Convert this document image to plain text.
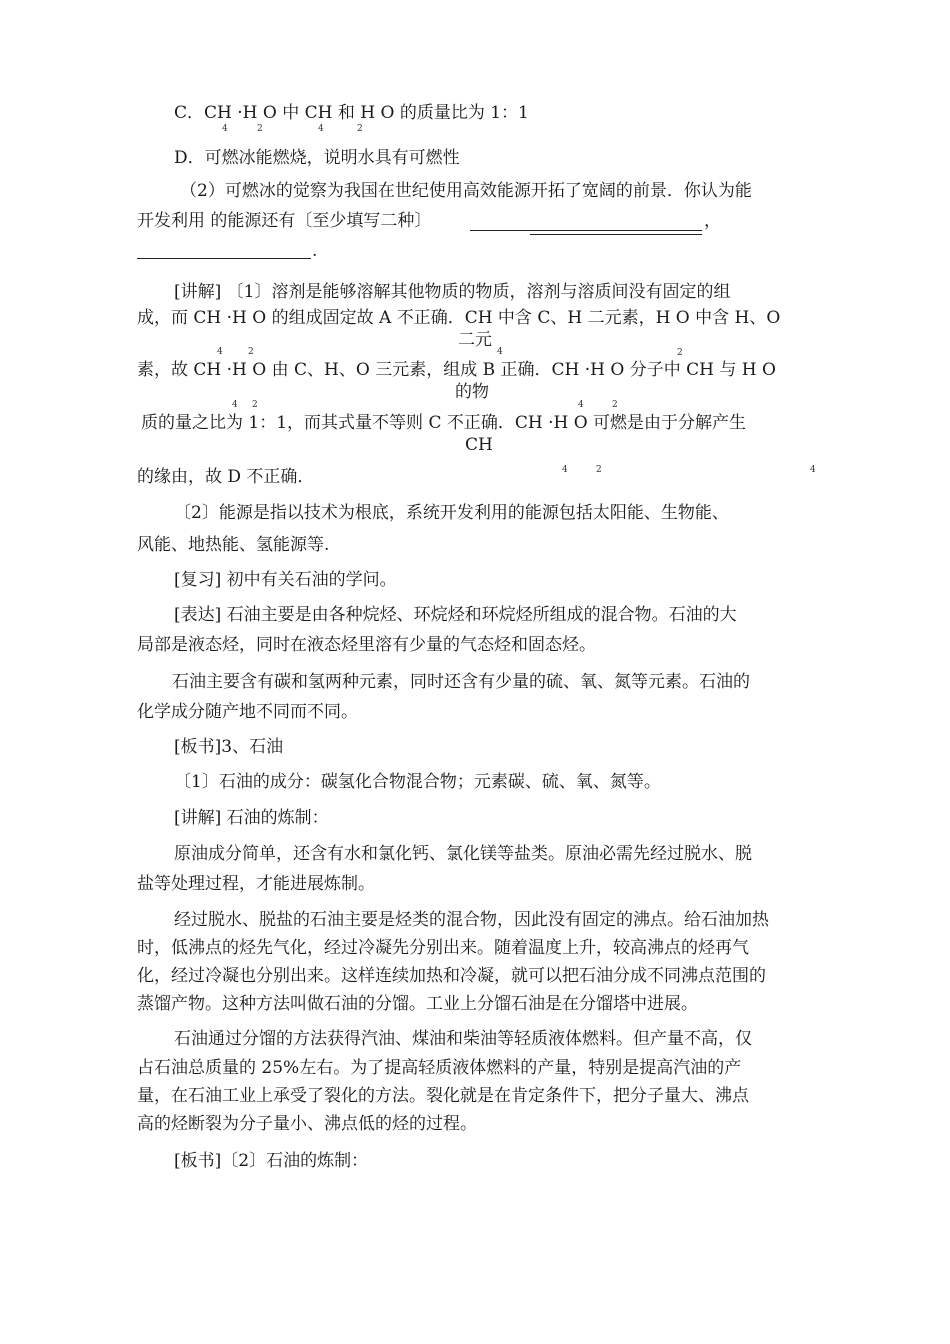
C．CH ·H O 中 CH 和 H O 的质量比为 1：1
4	2	4	2
D．可燃冰能燃烧，说明水具有可燃性
（2）可燃冰的觉察为我国在世纪使用高效能源开拓了宽阔的前景．你认为能
开发利用 的能源还有〔至少填写二种〕	，
.
[讲解] 〔1〕溶剂是能够溶解其他物质的物质，溶剂与溶质间没有固定的组
成，而 CH ·H O 的组成固定故 A 不正确．CH 中含 C、H 二元素，H O 中含 H、O
二元
4	2	4
素，故 CH ·H O 由 C、H、O 三元素，组成 B 正确．CH ·H O 分子中 CH 与 H O
的物
4 2
2
质的量之比为 1：1，而其式量不等则 C 不正确．CH ·H O 可燃是由于分解产生
CH
4	2
4	2	4
的缘由，故 D 不正确．
〔2〕能源是指以技术为根底，系统开发利用的能源包括太阳能、生物能、
风能、地热能、氢能源等.
[复习] 初中有关石油的学问。
[表达] 石油主要是由各种烷烃、环烷烃和环烷烃所组成的混合物。石油的大
局部是液态烃，同时在液态烃里溶有少量的气态烃和固态烃。
石油主要含有碳和氢两种元素，同时还含有少量的硫、氧、氮等元素。石油的
化学成分随产地不同而不同。
[板书]3、石油
〔1〕石油的成分：碳氢化合物混合物；元素碳、硫、氧、氮等。
[讲解] 石油的炼制：
原油成分简单，还含有水和氯化钙、氯化镁等盐类。原油必需先经过脱水、脱
盐等处理过程，才能进展炼制。
经过脱水、脱盐的石油主要是烃类的混合物，因此没有固定的沸点。给石油加热
时，低沸点的烃先气化，经过冷凝先分别出来。随着温度上升，较高沸点的烃再气
化，经过冷凝也分别出来。这样连续加热和冷凝，就可以把石油分成不同沸点范围的
蒸馏产物。这种方法叫做石油的分馏。工业上分馏石油是在分馏塔中进展。
石油通过分馏的方法获得汽油、煤油和柴油等轻质液体燃料。但产量不高，仅
占石油总质量的 25%左右。为了提高轻质液体燃料的产量，特别是提高汽油的产
量，在石油工业上承受了裂化的方法。裂化就是在肯定条件下，把分子量大、沸点
高的烃断裂为分子量小、沸点低的烃的过程。
[板书]〔2〕石油的炼制：
